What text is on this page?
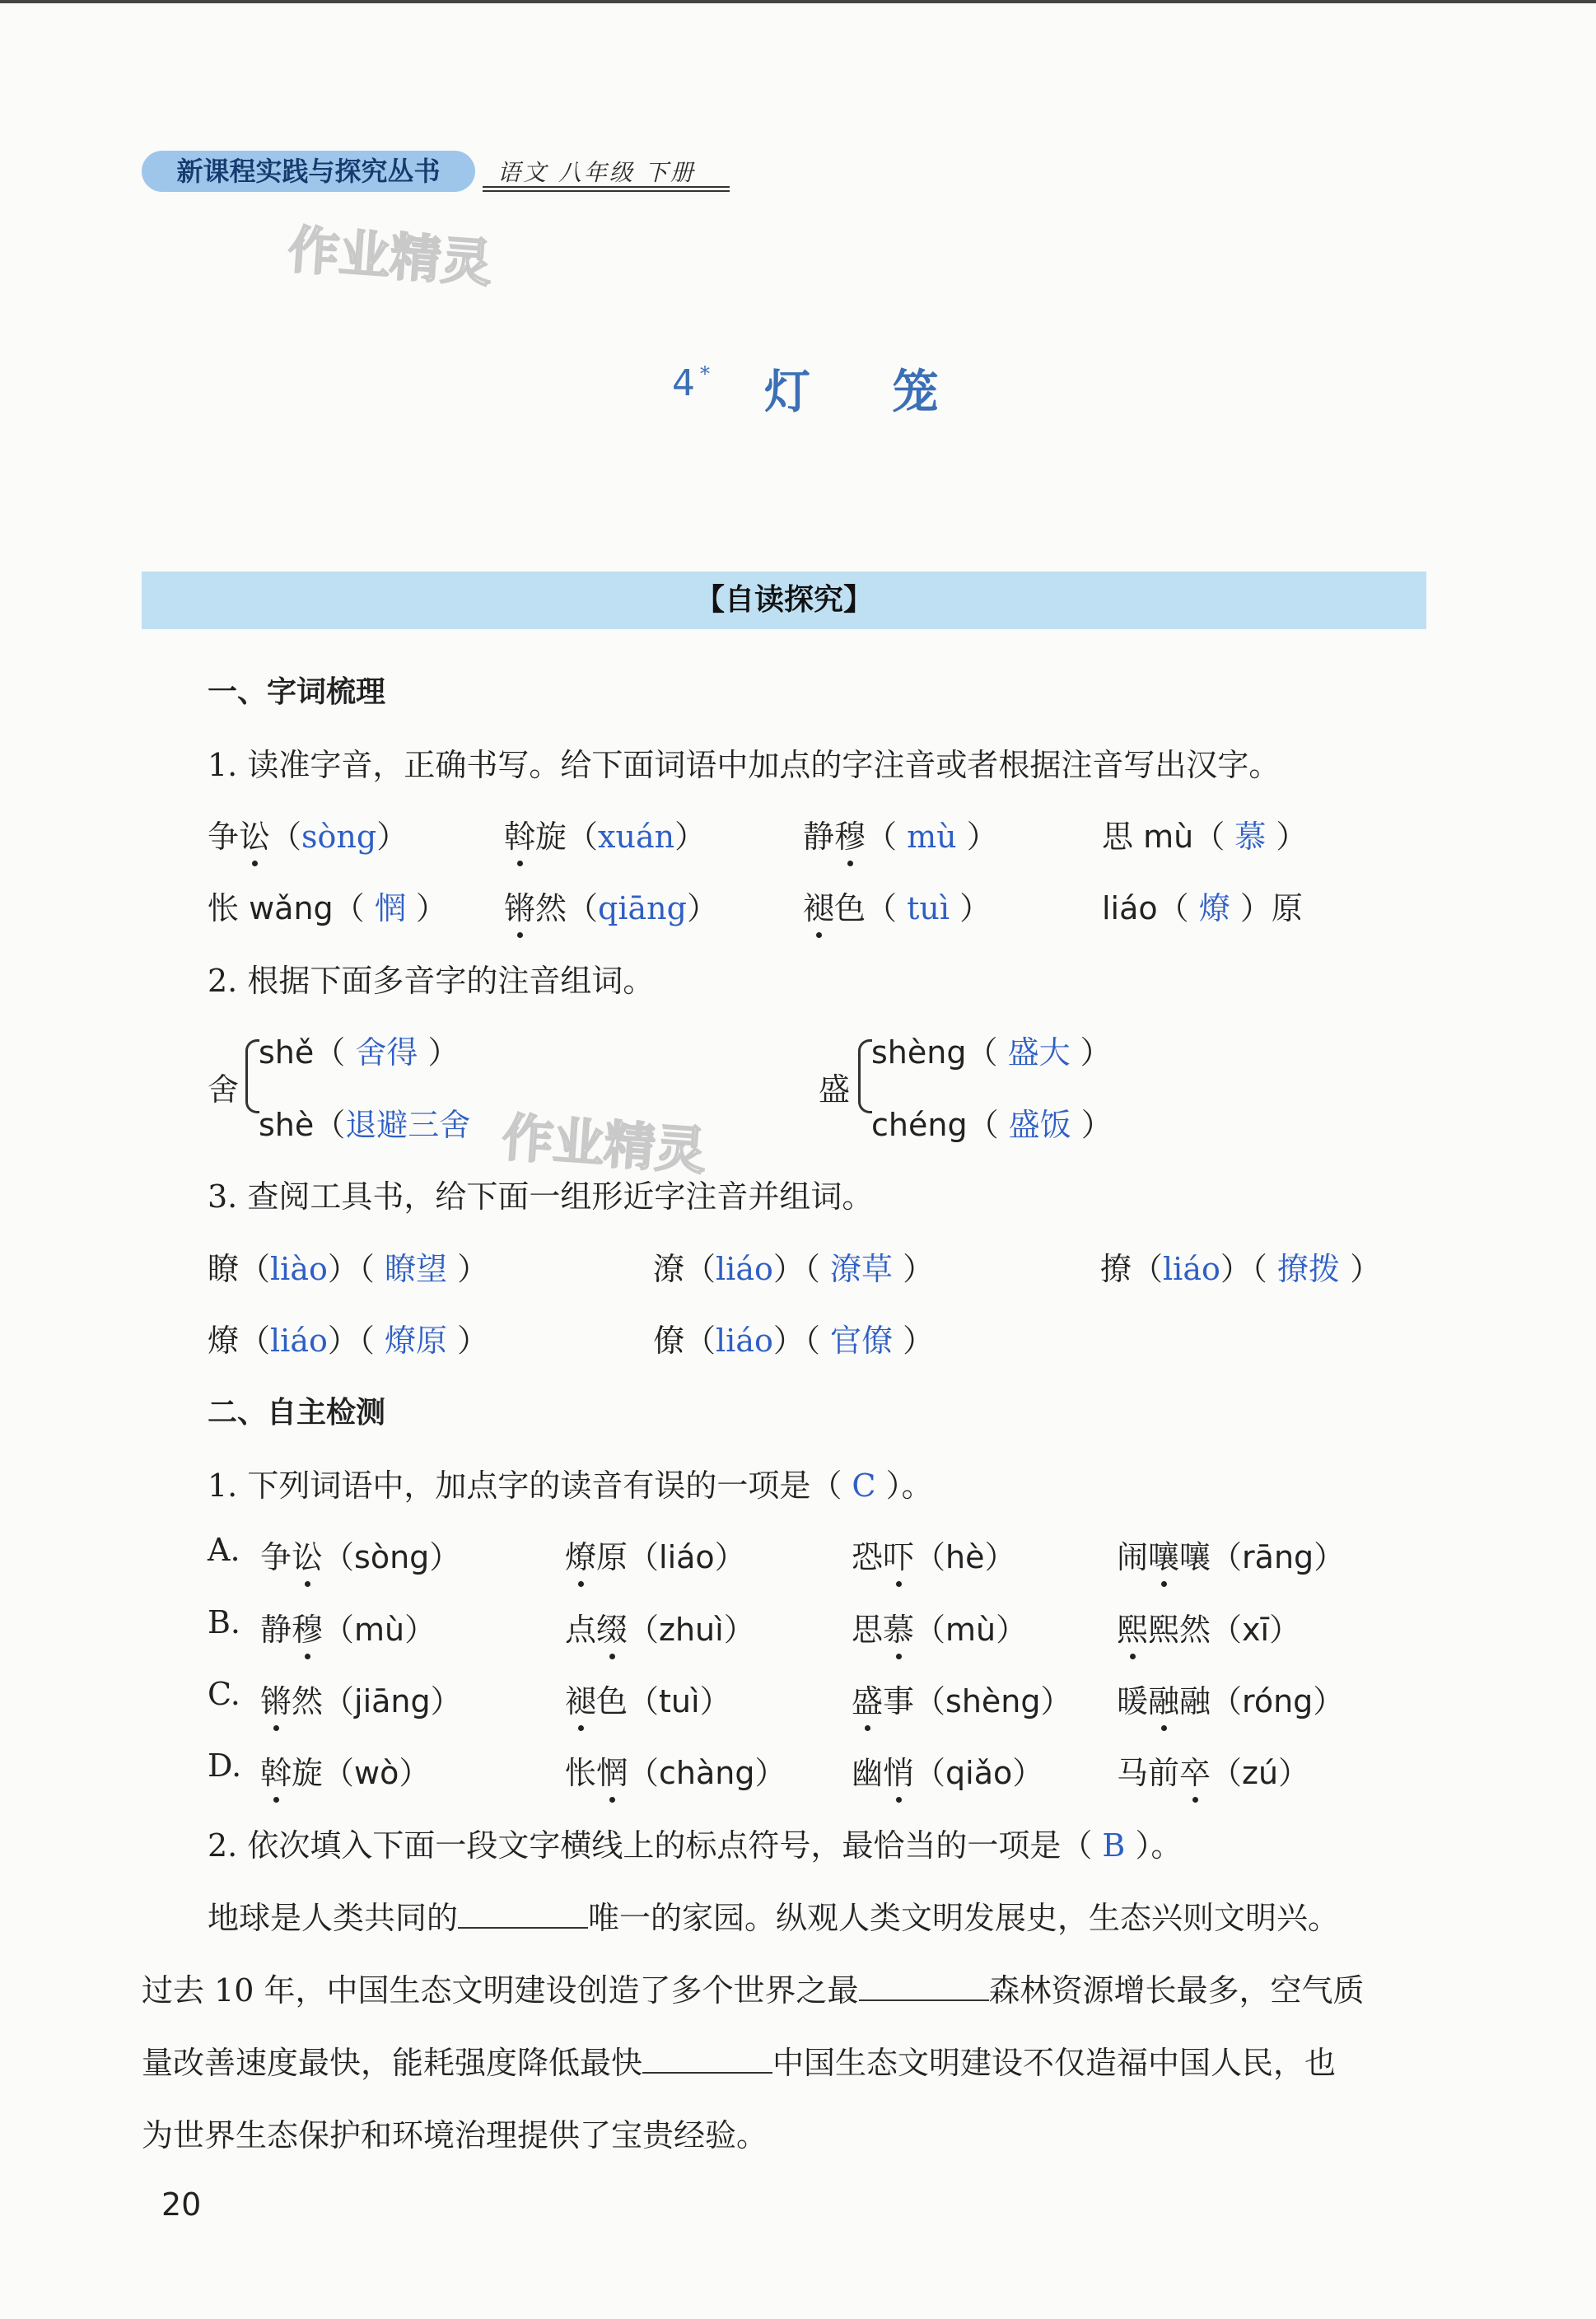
新课程实践与探究丛书	语文 八年级 下册
作业精灵
4 * 灯 笼
【自读探究】
一、字词梳理
1. 读准字音，正确书写。给下面词语中加点的字注音或者根据注音写出汉字。
争讼（sòng）	斡旋（xuán）	静穆（ mù ）	思 mù（ 慕 ）
怅 wǎng（ 惘 ） 锵然（qiāng）	褪色（ tuì ）	liáo（ 燎 ）原
2. 根据下面多音字的注音组词。
舍
shě（ 舍得 ）
shè（退避三舍 作业精灵
盛
shèng（ 盛大 ）
chéng（ 盛饭 ）
3. 查阅工具书，给下面一组形近字注音并组词。
瞭（liào）（ 瞭望 ）	潦（liáo）（ 潦草 ）	撩（liáo）（ 撩拨 ）
燎（liáo）（ 燎原 ）	僚（liáo）（ 官僚 ）
二、自主检测
1. 下列词语中，加点字的读音有误的一项是（ C ）。
A. 争讼（sòng）	燎原（liáo）	恐吓（hè）	闹嚷嚷（rāng）
B. 静穆（mù）	点缀（zhuì）	思慕（mù）	熙熙然（xī）
C. 锵然（jiāng）	褪色（tuì）	盛事（shèng） 暖融融（róng）
D. 斡旋（wò）	怅惘（chàng） 幽悄（qiǎo） 马前卒（zú）
2. 依次填入下面一段文字横线上的标点符号，最恰当的一项是（ B ）。
地球是人类共同的	唯一的家园。纵观人类文明发展史，生态兴则文明兴。
过去 10 年，中国生态文明建设创造了多个世界之最	森林资源增长最多，空气质
量改善速度最快，能耗强度降低最快	中国生态文明建设不仅造福中国人民，也
为世界生态保护和环境治理提供了宝贵经验。
20
